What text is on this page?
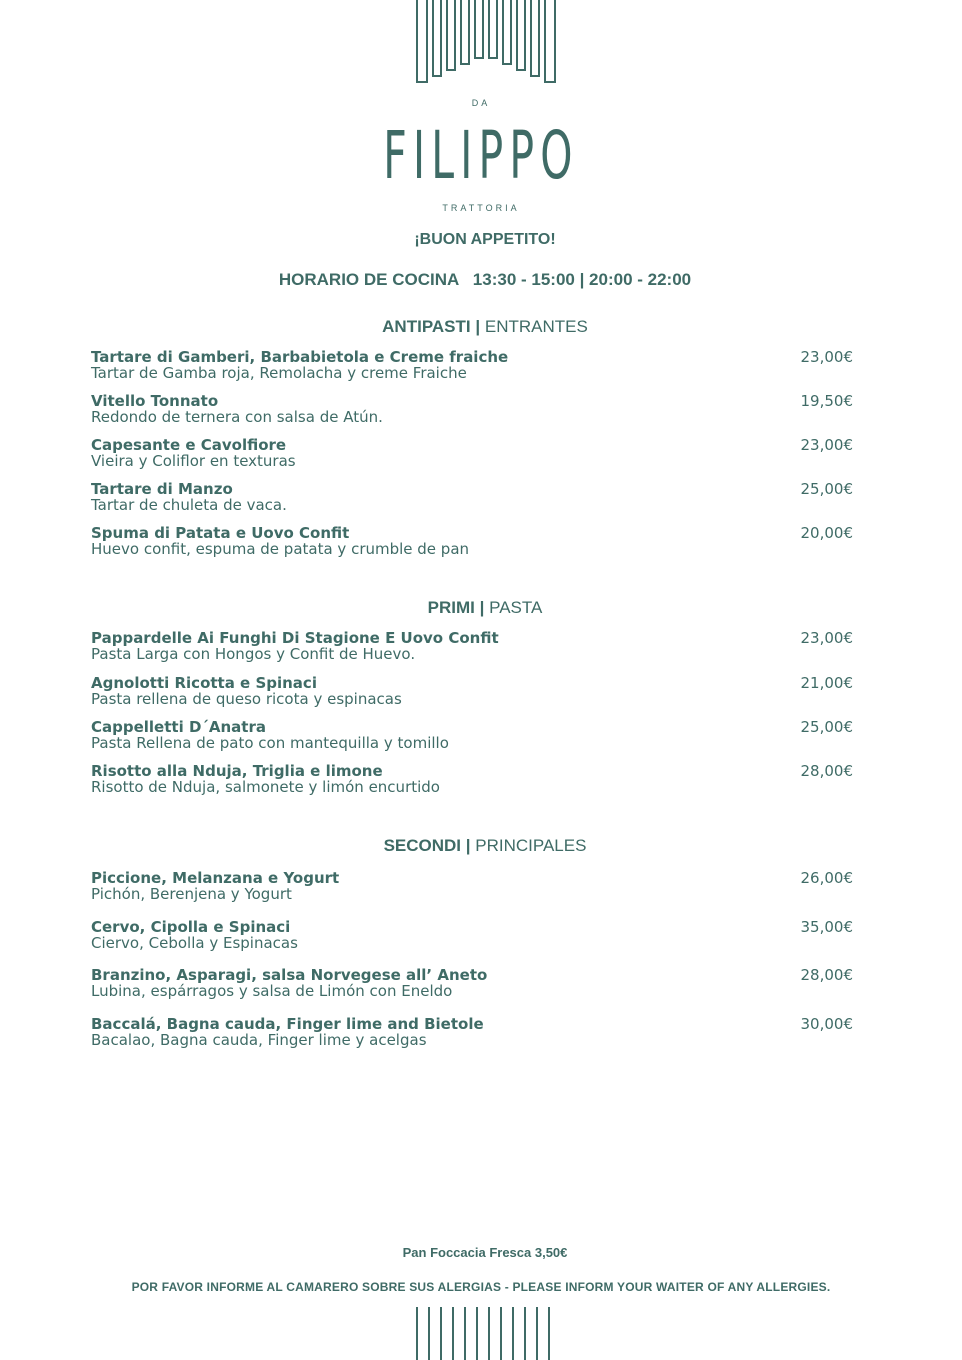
DA
FILIPPO
TRATTORIA
¡BUON APPETITO!
HORARIO DE COCINA   13:30 - 15:00 | 20:00 - 22:00
ANTIPASTI | ENTRANTES
Tartare di Gamberi, Barbabietola e Creme fraiche
Tartar de Gamba roja, Remolacha y creme Fraiche
23,00€
Vitello Tonnato
Redondo de ternera con salsa de Atún.
19,50€
Capesante e Cavolfiore
Vieira y Coliflor en texturas
23,00€
Tartare di Manzo
Tartar de chuleta de vaca.
25,00€
Spuma di Patata e Uovo Confit
Huevo confit, espuma de patata y crumble de pan
20,00€
PRIMI | PASTA
Pappardelle Ai Funghi Di Stagione E Uovo Confit
Pasta Larga con Hongos y Confit de Huevo.
23,00€
Agnolotti Ricotta e Spinaci
Pasta rellena de queso ricota y espinacas
21,00€
Cappelletti D´Anatra
Pasta Rellena de pato con mantequilla y tomillo
25,00€
Risotto alla Nduja, Triglia e limone
Risotto de Nduja, salmonete y limón encurtido
28,00€
SECONDI | PRINCIPALES
Piccione, Melanzana e Yogurt
Pichón, Berenjena y Yogurt
26,00€
Cervo, Cipolla e Spinaci
Ciervo, Cebolla y Espinacas
35,00€
Branzino, Asparagi, salsa Norvegese all’ Aneto
Lubina, espárragos y salsa de Limón con Eneldo
28,00€
Baccalá, Bagna cauda, Finger lime and Bietole
Bacalao, Bagna cauda, Finger lime y acelgas
30,00€
Pan Foccacia Fresca 3,50€
POR FAVOR INFORME AL CAMARERO SOBRE SUS ALERGIAS - PLEASE INFORM YOUR WAITER OF ANY ALLERGIES.
